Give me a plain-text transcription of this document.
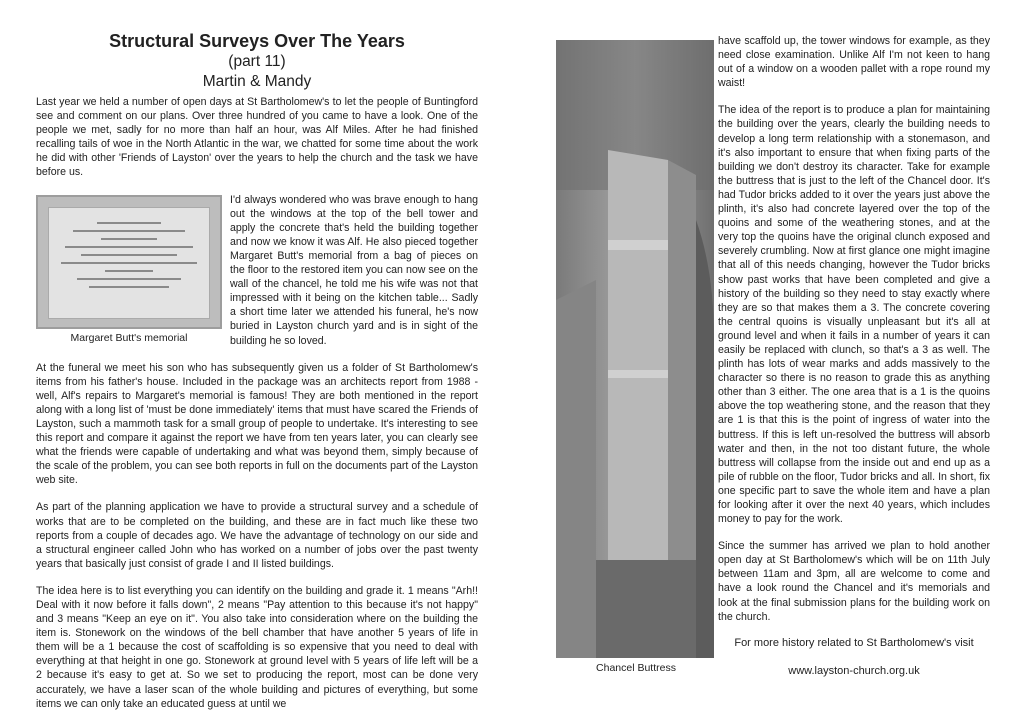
Structural Surveys Over The Years
(part 11)
Martin & Mandy

Last year we held a number of open days at St Bartholomew's to let the people of Buntingford see and comment on our plans. Over three hundred of you came to have a look. One of the people we met, sadly for no more than half an hour, was Alf Miles. After he had finished recalling tails of woe in the North Atlantic in the war, we chatted for some time about the work he did with other 'Friends of Layston' over the years to help the church and the task we have before us.

Margaret Butt's memorial

I'd always wondered who was brave enough to hang out the windows at the top of the bell tower and apply the concrete that's held the building together and now we know it was Alf. He also pieced together Margaret Butt's memorial from a bag of pieces on the floor to the restored item you can now see on the wall of the chancel, he told me his wife was not that impressed with it being on the kitchen table... Sadly a short time later we attended his funeral, he's now buried in Layston church yard and is in sight of the building he so loved.

At the funeral we meet his son who has subsequently given us a folder of St Bartholomew's items from his father's house. Included in the package was an architects report from 1988 - well, Alf's repairs to Margaret's memorial is famous! They are both mentioned in the report along with a long list of 'must be done immediately' items that must have scared the Friends of Layston, such a mammoth task for a small group of people to undertake. It's interesting to see this report and compare it against the report we have from ten years later, you can clearly see what the friends were capable of undertaking and what was beyond them, simply because of the scale of the problem, you can see both reports in full on the documents part of the Layston web site.

As part of the planning application we have to provide a structural survey and a schedule of works that are to be completed on the building, and these are in fact much like these two reports from a couple of decades ago. We have the advantage of technology on our side and a structural engineer called John who has worked on a number of jobs over the past twenty years that basically just consist of grade I and II listed buildings.

The idea here is to list everything you can identify on the building and grade it. 1 means "Arh!! Deal with it now before it falls down", 2 means "Pay attention to this because it's not happy" and 3 means "Keep an eye on it". You also take into consideration where on the building the item is. Stonework on the windows of the bell chamber that have another 5 years of life in them will be a 1 because the cost of scaffolding is so expensive that you need to deal with everything at that height in one go. Stonework at ground level with 5 years of life left will be a 2 because it's easy to get at. So we set to producing the report, most can be done very accurately, we have a laser scan of the whole building and pictures of everything, but some items we can only take an educated guess at until we

Chancel Buttress

have scaffold up, the tower windows for example, as they need close examination. Unlike Alf I'm not keen to hang out of a window on a wooden pallet with a rope round my waist!

The idea of the report is to produce a plan for maintaining the building over the years, clearly the building needs to develop a long term relationship with a stonemason, and it's also important to ensure that when fixing parts of the building we don't destroy its character. Take for example the buttress that is just to the left of the Chancel door. It's had Tudor bricks added to it over the years just above the plinth, it's also had concrete layered over the top of the quoins and some of the weathering stones, and at the very top the quoins have the original clunch exposed and severely crumbling. Now at first glance one might imagine that all of this needs changing, however the Tudor bricks show past works that have been completed and give a history of the building so they need to stay exactly where they are so that makes them a 3. The concrete covering the central quoins is visually unpleasant but it's all at ground level and when it fails in a number of years it can easily be replaced with clunch, so that's a 3 as well. The plinth has lots of wear marks and adds massively to the character so there is no reason to grade this as anything other than 3 either. The one area that is a 1 is the quoins above the top weathering stone, and the reason that they are 1 is that this is the point of ingress of water into the buttress. If this is left un-resolved the buttress will absorb water and then, in the not too distant future, the whole buttress will collapse from the inside out and end up as a pile of rubble on the floor, Tudor bricks and all. In short, fix one specific part to save the whole item and have a plan for looking after it over the next 40 years, which includes money to pay for the work.

Since the summer has arrived we plan to hold another open day at St Bartholomew's which will be on 11th July between 11am and 3pm, all are welcome to come and have a look round the Chancel and it's memorials and look at the final submission plans for the building work on the church.

For more history related to St Bartholomew's visit
www.layston-church.org.uk
